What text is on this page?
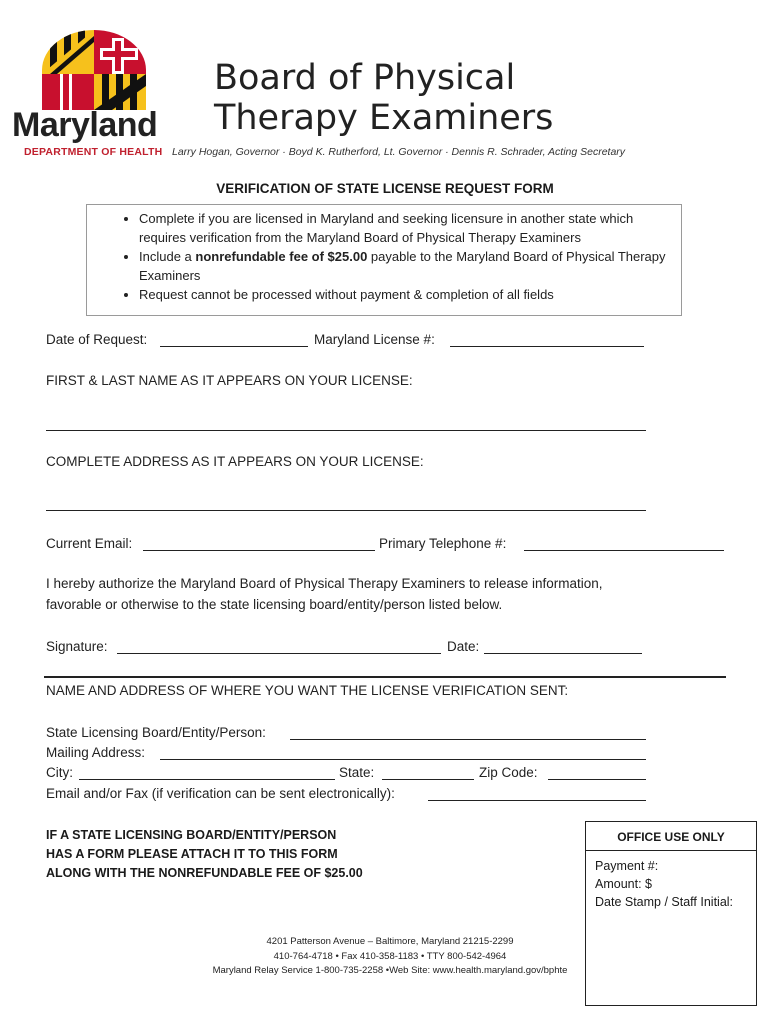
Maryland
DEPARTMENT OF HEALTH
Board of Physical
Therapy Examiners
Larry Hogan, Governor · Boyd K. Rutherford, Lt. Governor · Dennis R. Schrader, Acting Secretary
VERIFICATION OF STATE LICENSE REQUEST FORM
• Complete if you are licensed in Maryland and seeking licensure in another state which requires verification from the Maryland Board of Physical Therapy Examiners
• Include a nonrefundable fee of $25.00 payable to the Maryland Board of Physical Therapy Examiners
• Request cannot be processed without payment & completion of all fields
Date of Request:	Maryland License #:
FIRST & LAST NAME AS IT APPEARS ON YOUR LICENSE:
COMPLETE ADDRESS AS IT APPEARS ON YOUR LICENSE:
Current Email:	Primary Telephone #:
I hereby authorize the Maryland Board of Physical Therapy Examiners to release information,
favorable or otherwise to the state licensing board/entity/person listed below.
Signature:	Date:
NAME AND ADDRESS OF WHERE YOU WANT THE LICENSE VERIFICATION SENT:
State Licensing Board/Entity/Person:
Mailing Address:
City:	State:	Zip Code:
Email and/or Fax (if verification can be sent electronically):
IF A STATE LICENSING BOARD/ENTITY/PERSON
HAS A FORM PLEASE ATTACH IT TO THIS FORM
ALONG WITH THE NONREFUNDABLE FEE OF $25.00
OFFICE USE ONLY
Payment #:
Amount: $
Date Stamp / Staff Initial:
4201 Patterson Avenue – Baltimore, Maryland 21215-2299
410-764-4718 • Fax 410-358-1183 • TTY 800-542-4964
Maryland Relay Service 1-800-735-2258 •Web Site: www.health.maryland.gov/bphte
